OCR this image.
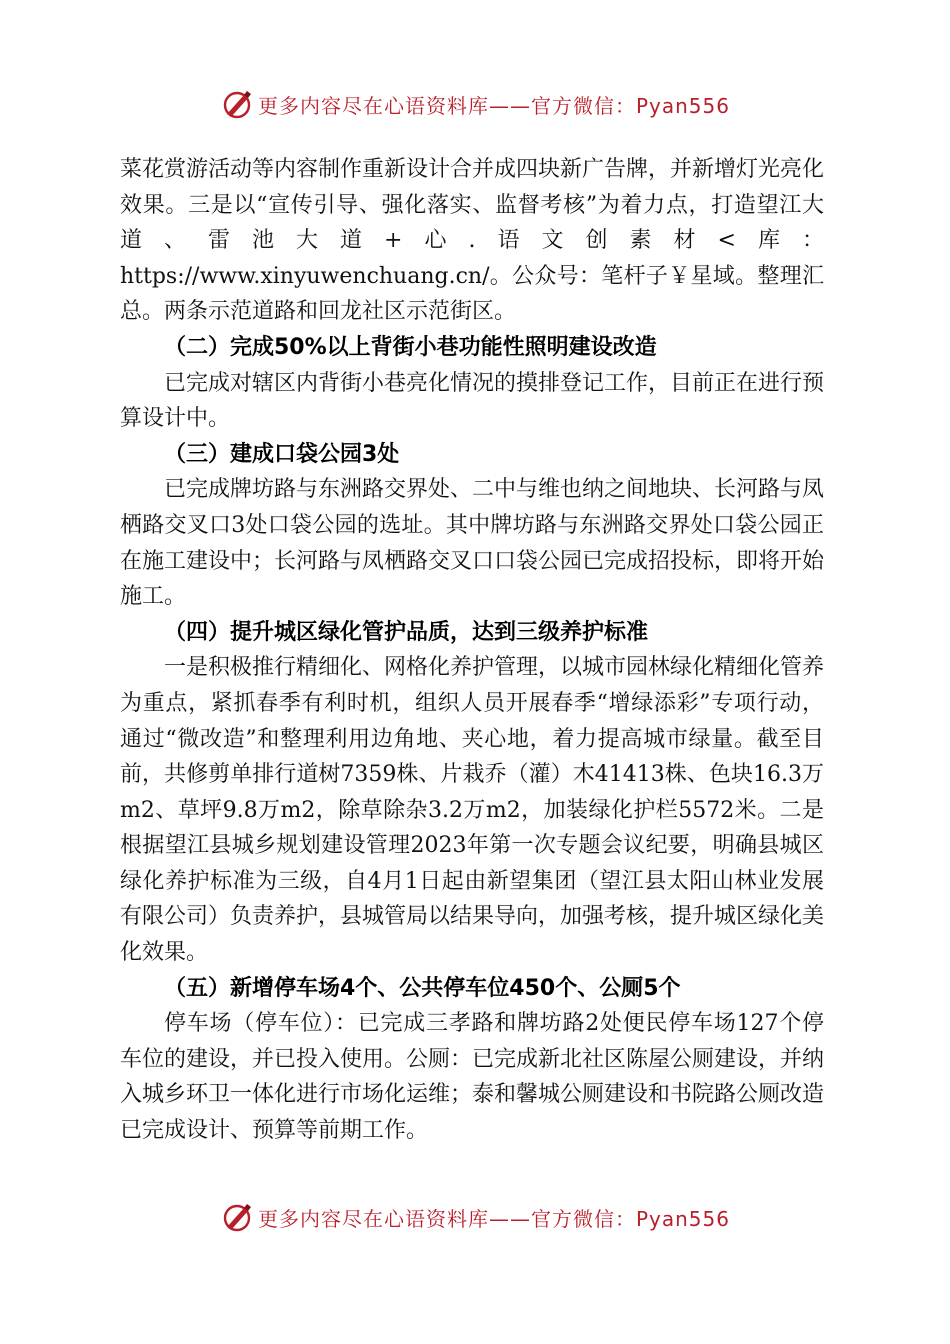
更多内容尽在心语资料库——官方微信：Pyan556

菜花赏游活动等内容制作重新设计合并成四块新广告牌，并新增灯光亮化效果。三是以“宣传引导、强化落实、监督考核”为着力点，打造望江大道、雷池大道+心.语文创素材<库：https://www.xinyuwenchuang.cn/。公众号：笔杆子￥星域。整理汇总。两条示范道路和回龙社区示范街区。

（二）完成50%以上背街小巷功能性照明建设改造

已完成对辖区内背街小巷亮化情况的摸排登记工作，目前正在进行预算设计中。

（三）建成口袋公园3处

已完成牌坊路与东洲路交界处、二中与维也纳之间地块、长河路与凤栖路交叉口3处口袋公园的选址。其中牌坊路与东洲路交界处口袋公园正在施工建设中；长河路与凤栖路交叉口口袋公园已完成招投标，即将开始施工。

（四）提升城区绿化管护品质，达到三级养护标准

一是积极推行精细化、网格化养护管理，以城市园林绿化精细化管养为重点，紧抓春季有利时机，组织人员开展春季“增绿添彩”专项行动，通过“微改造”和整理利用边角地、夹心地，着力提高城市绿量。截至目前，共修剪单排行道树7359株、片栽乔（灌）木41413株、色块16.3万m2、草坪9.8万m2，除草除杂3.2万m2，加装绿化护栏5572米。二是根据望江县城乡规划建设管理2023年第一次专题会议纪要，明确县城区绿化养护标准为三级，自4月1日起由新望集团（望江县太阳山林业发展有限公司）负责养护，县城管局以结果导向，加强考核，提升城区绿化美化效果。

（五）新增停车场4个、公共停车位450个、公厕5个

停车场（停车位）：已完成三孝路和牌坊路2处便民停车场127个停车位的建设，并已投入使用。公厕：已完成新北社区陈屋公厕建设，并纳入城乡环卫一体化进行市场化运维；泰和馨城公厕建设和书院路公厕改造已完成设计、预算等前期工作。

更多内容尽在心语资料库——官方微信：Pyan556
